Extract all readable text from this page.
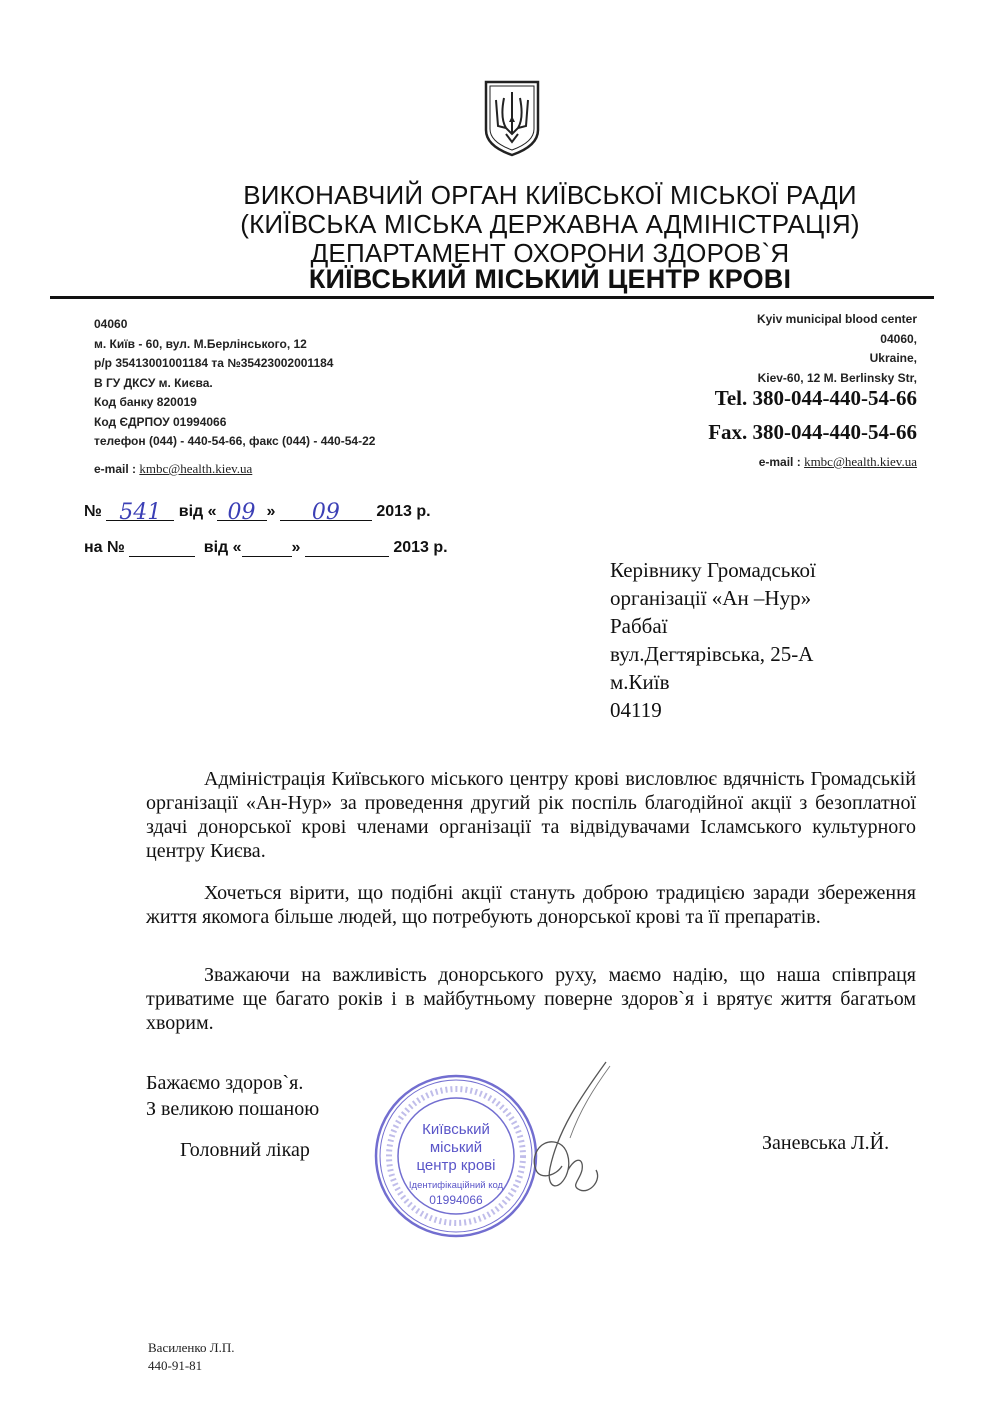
ВИКОНАВЧИЙ ОРГАН КИЇВСЬКОЇ МІСЬКОЇ РАДИ
(КИЇВСЬКА МІСЬКА ДЕРЖАВНА АДМІНІСТРАЦІЯ)
ДЕПАРТАМЕНТ ОХОРОНИ ЗДОРОВ`Я
КИЇВСЬКИЙ МІСЬКИЙ ЦЕНТР КРОВІ
04060
м. Київ - 60, вул. М.Берлінського, 12
р/р 35413001001184 та №35423002001184
В ГУ ДКСУ м. Києва.
Код банку 820019
Код ЄДРПОУ 01994066
телефон (044) - 440-54-66, факс (044) - 440-54-22
e-mail : kmbc@health.kiev.ua
Kyiv municipal blood center
04060,
Ukraine,
Kiev-60, 12 M. Berlinsky Str,
Tel. 380-044-440-54-66
Fax. 380-044-440-54-66
e-mail : kmbc@health.kiev.ua
№ 541 від « 09 » 09 2013 р.
на №	від «	»	2013 р.
Керівнику Громадської
організації «Ан –Нур»
Раббаї
вул.Дегтярівська, 25-А
м.Київ
04119

Адміністрація Київського міського центру крові висловлює вдячність Громадській організації «Ан-Нур» за проведення другий рік поспіль благодійної акції з безоплатної здачі донорської крові членами організації та відвідувачами Ісламського культурного центру Києва.

Хочеться вірити, що подібні акції стануть доброю традицією заради збереження життя якомога більше людей, що потребують донорської крові та її препаратів.

Зважаючи на важливість донорського руху, маємо надію, що наша співпраця триватиме ще багато років і в майбутньому поверне здоров`я і врятує життя багатьом хворим.

Бажаємо здоров`я.
З великою пошаною
Головний лікар	Заневська Л.Й.
Київський
міський
центр крові
Ідентифікаційний код
01994066
Василенко Л.П.
440-91-81
